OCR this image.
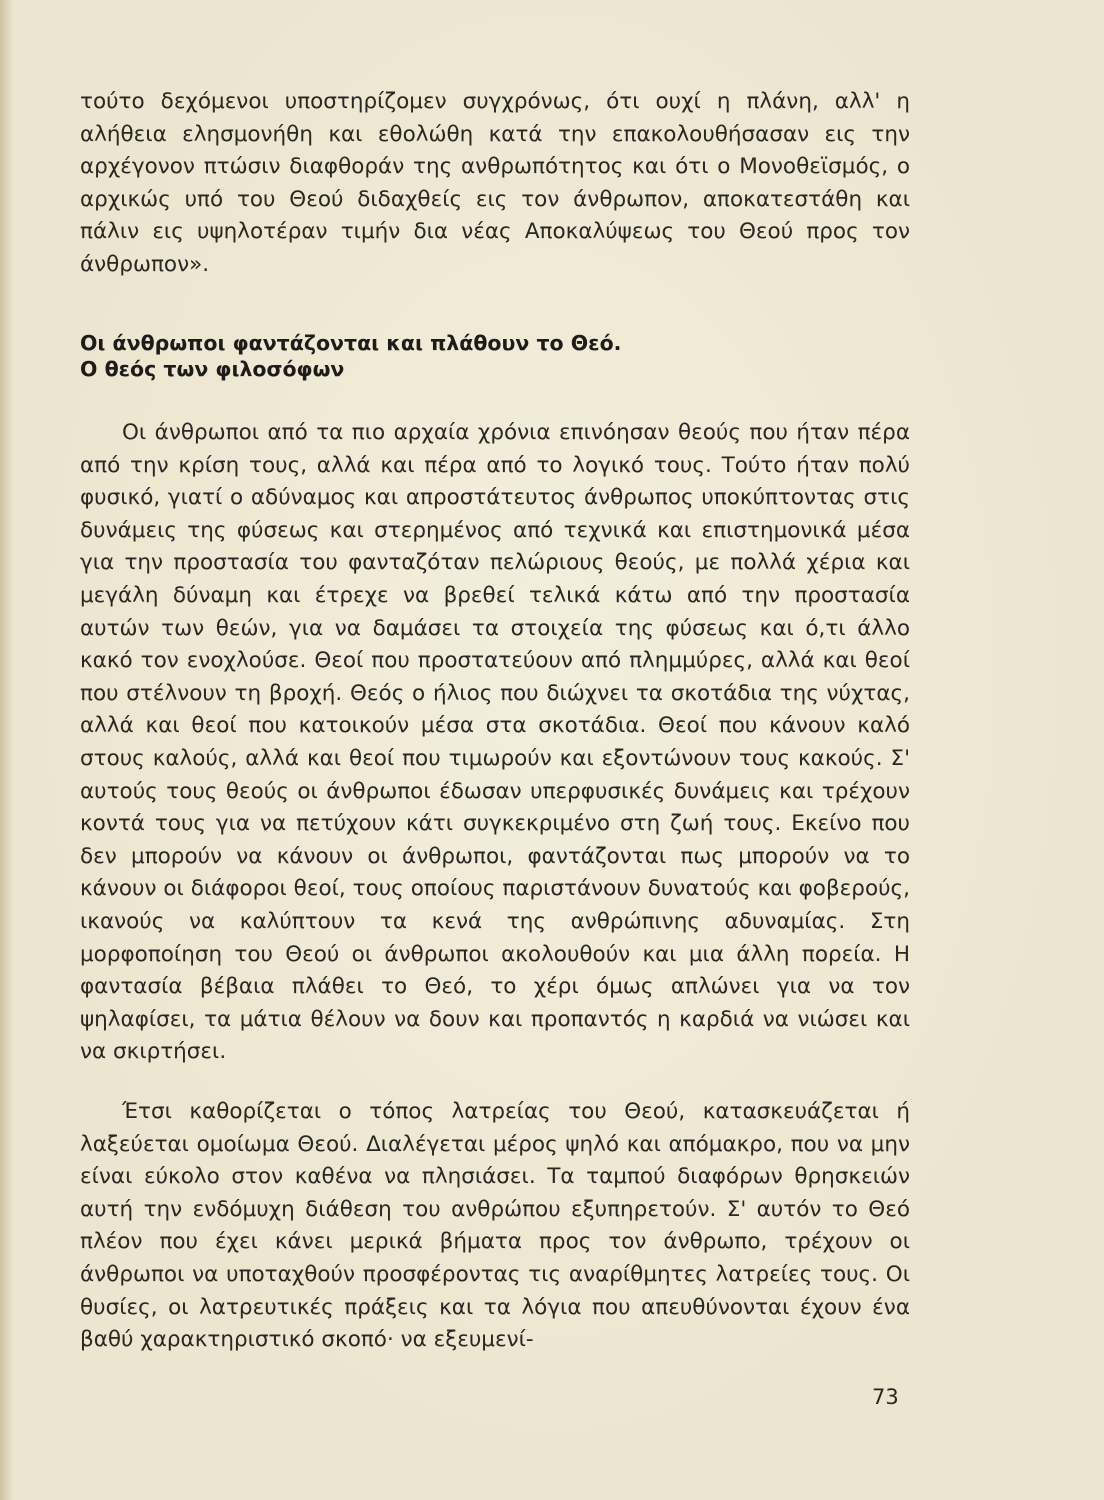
τούτο δεχόμενοι υποστηρίζομεν συγχρόνως, ότι ουχί η πλάνη, αλλ' η αλήθεια ελησμονήθη και εθολώθη κατά την επακολουθήσασαν εις την αρχέγονον πτώσιν διαφθοράν της ανθρωπότητος και ότι ο Μονοθεϊσμός, ο αρχικώς υπό του Θεού διδαχθείς εις τον άνθρωπον, αποκατεστάθη και πάλιν εις υψηλοτέραν τιμήν δια νέας Αποκαλύψεως του Θεού προς τον άνθρωπον».

Οι άνθρωποι φαντάζονται και πλάθουν το Θεό.
Ο θεός των φιλοσόφων

Οι άνθρωποι από τα πιο αρχαία χρόνια επινόησαν θεούς που ήταν πέρα από την κρίση τους, αλλά και πέρα από το λογικό τους. Τούτο ήταν πολύ φυσικό, γιατί ο αδύναμος και απροστάτευτος άνθρωπος υποκύπτοντας στις δυνάμεις της φύσεως και στερημένος από τεχνικά και επιστημονικά μέσα για την προστασία του φανταζόταν πελώριους θεούς, με πολλά χέρια και μεγάλη δύναμη και έτρεχε να βρεθεί τελικά κάτω από την προστασία αυτών των θεών, για να δαμάσει τα στοιχεία της φύσεως και ό,τι άλλο κακό τον ενοχλούσε. Θεοί που προστατεύουν από πλημμύρες, αλλά και θεοί που στέλνουν τη βροχή. Θεός ο ήλιος που διώχνει τα σκοτάδια της νύχτας, αλλά και θεοί που κατοικούν μέσα στα σκοτάδια. Θεοί που κάνουν καλό στους καλούς, αλλά και θεοί που τιμωρούν και εξοντώνουν τους κακούς. Σ' αυτούς τους θεούς οι άνθρωποι έδωσαν υπερφυσικές δυνάμεις και τρέχουν κοντά τους για να πετύχουν κάτι συγκεκριμένο στη ζωή τους. Εκείνο που δεν μπορούν να κάνουν οι άνθρωποι, φαντάζονται πως μπορούν να το κάνουν οι διάφοροι θεοί, τους οποίους παριστάνουν δυνατούς και φοβερούς, ικανούς να καλύπτουν τα κενά της ανθρώπινης αδυναμίας. Στη μορφοποίηση του Θεού οι άνθρωποι ακολουθούν και μια άλλη πορεία. Η φαντασία βέβαια πλάθει το Θεό, το χέρι όμως απλώνει για να τον ψηλαφίσει, τα μάτια θέλουν να δουν και προπαντός η καρδιά να νιώσει και να σκιρτήσει.

Έτσι καθορίζεται ο τόπος λατρείας του Θεού, κατασκευάζεται ή λαξεύεται ομοίωμα Θεού. Διαλέγεται μέρος ψηλό και απόμακρο, που να μην είναι εύκολο στον καθένα να πλησιάσει. Τα ταμπού διαφόρων θρησκειών αυτή την ενδόμυχη διάθεση του ανθρώπου εξυπηρετούν. Σ' αυτόν το Θεό πλέον που έχει κάνει μερικά βήματα προς τον άνθρωπο, τρέχουν οι άνθρωποι να υποταχθούν προσφέροντας τις αναρίθμητες λατρείες τους. Οι θυσίες, οι λατρευτικές πράξεις και τα λόγια που απευθύνονται έχουν ένα βαθύ χαρακτηριστικό σκοπό· να εξευμενί-

73
